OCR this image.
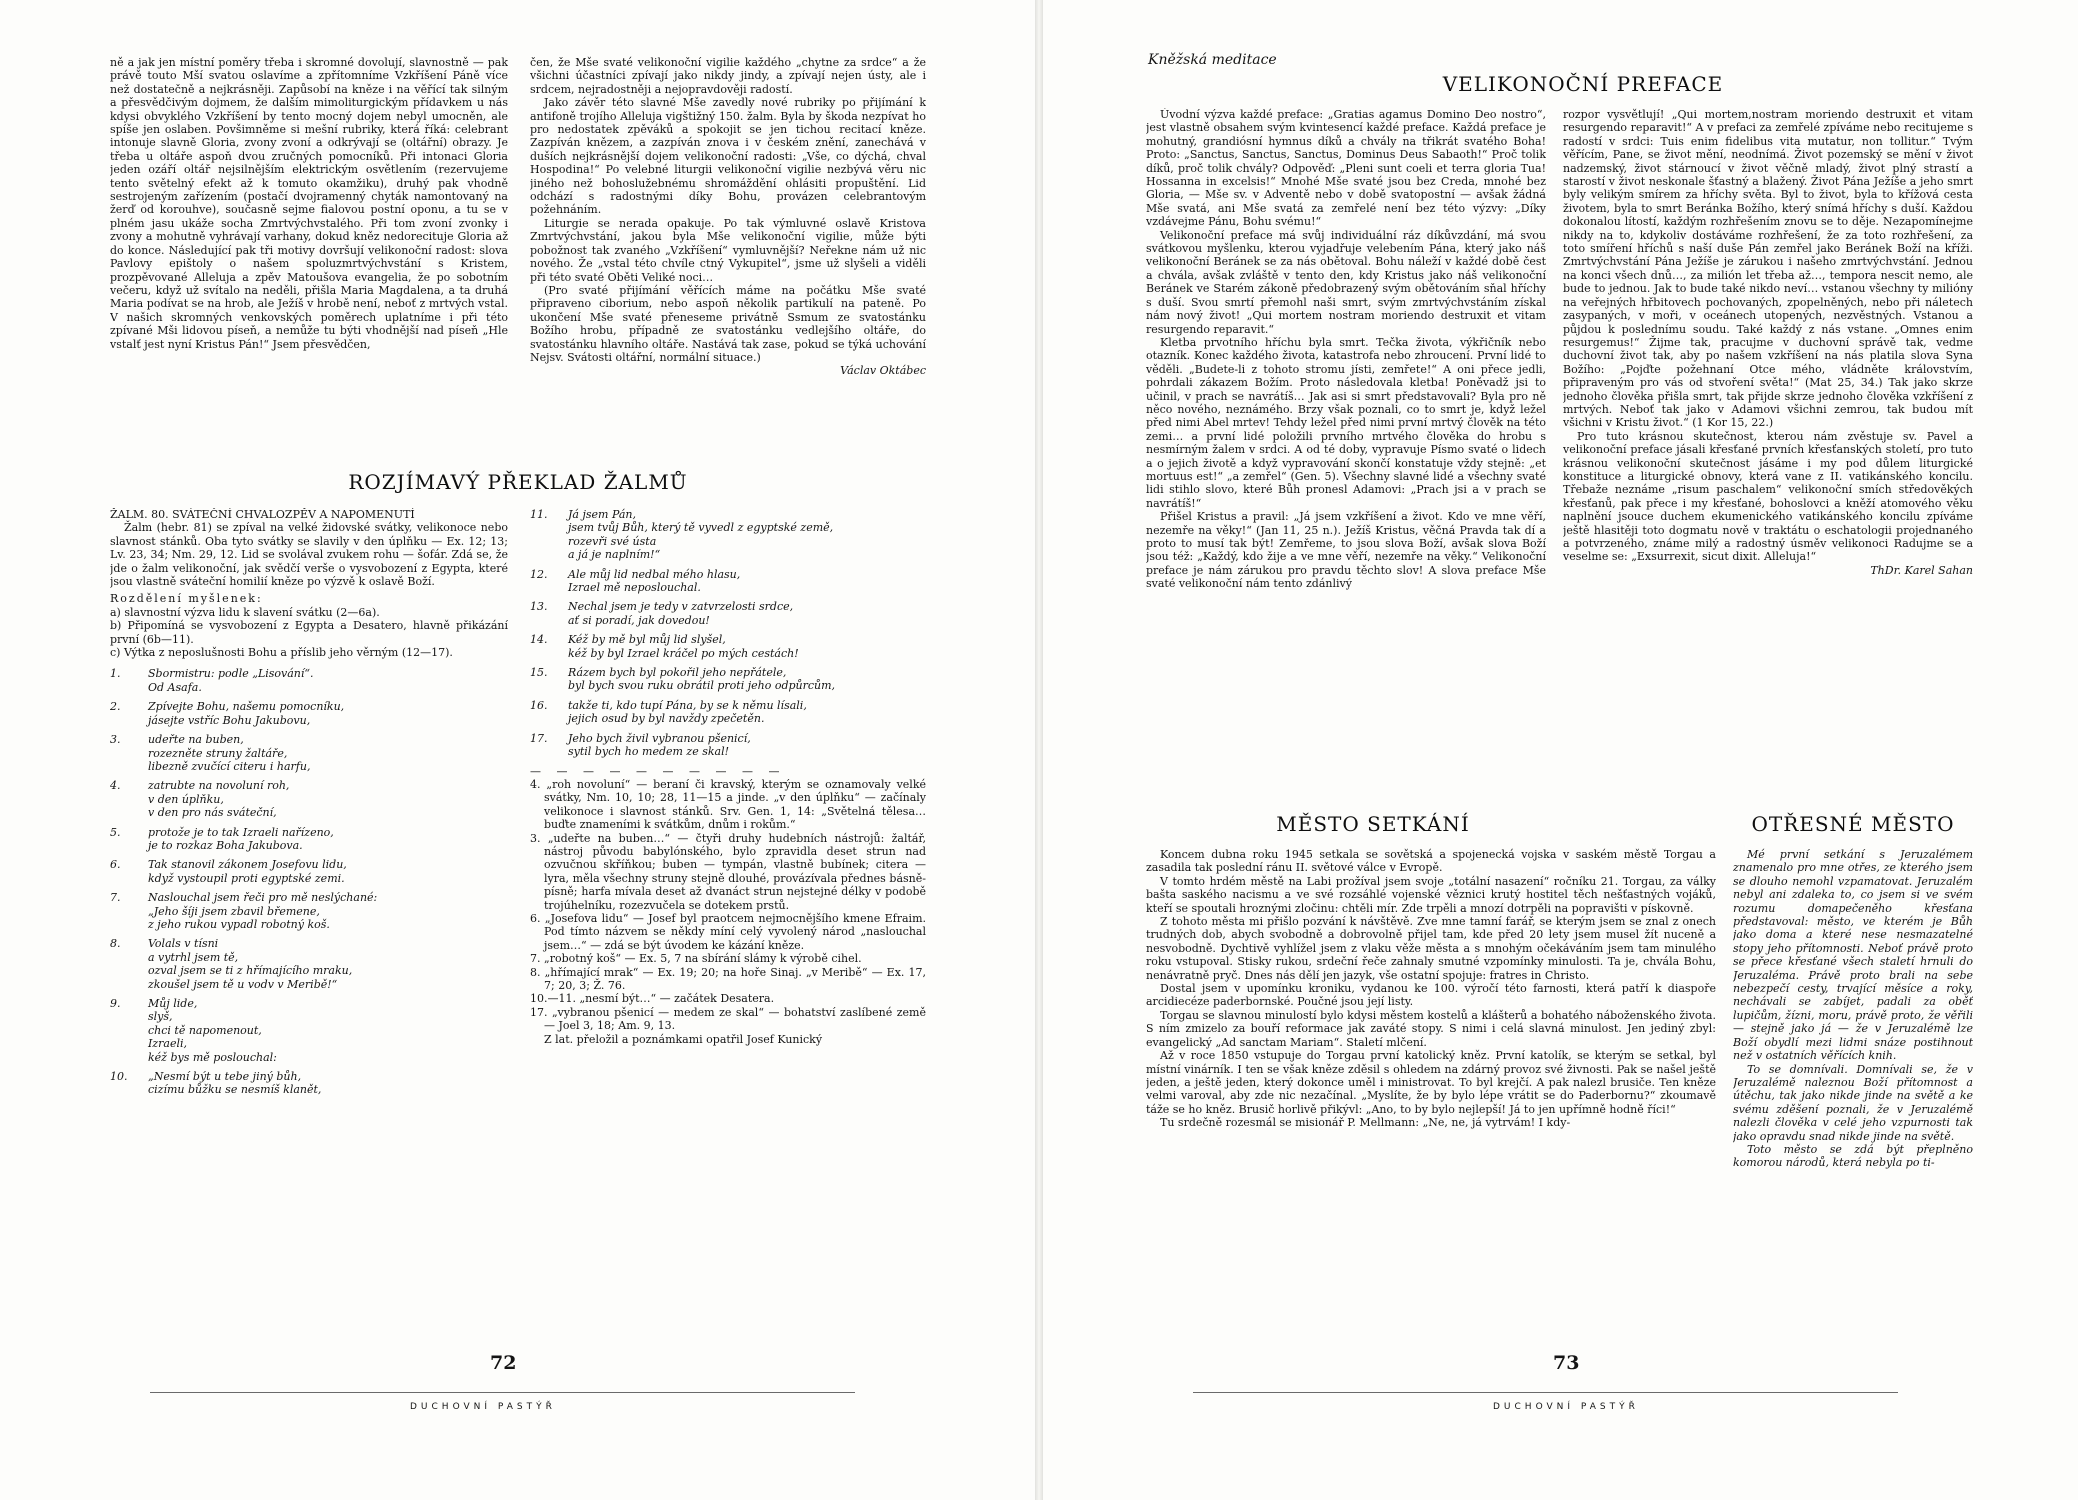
ně a jak jen místní poměry třeba i skromné dovolují, slavnostně — pak právě touto Mší svatou oslavíme a zpřítomníme Vzkříšení Páně více než dostatečně a nejkrásněji. Zapůsobí na kněze i na věřící tak silným a přesvědčivým dojmem, že dalším mimoliturgickým přídavkem u nás kdysi obvyklého Vzkříšení by tento mocný dojem nebyl umocněn, ale spíše jen oslaben. Povšimněme si mešní rubriky, která říká: celebrant intonuje slavně Gloria, zvony zvoní a odkrývají se (oltářní) obrazy. Je třeba u oltáře aspoň dvou zručných pomocníků. Při intonaci Gloria jeden ozáří oltář nejsilnějším elektrickým osvětlením (rezervujeme tento světelný efekt až k tomuto okamžiku), druhý pak vhodně sestrojeným zařízením (postačí dvojramenný chyták namontovaný na žerď od korouhve), současně sejme fialovou postní oponu, a tu se v plném jasu ukáže socha Zmrtvýchvstalého. Při tom zvoní zvonky i zvony a mohutně vyhrávají varhany, dokud kněz nedorecituje Gloria až do konce. Následující pak tři motivy dovršují velikonoční radost: slova Pavlovy epištoly o našem spoluzmrtvýchvstání s Kristem, prozpěvované Alleluja a zpěv Matoušova evangelia, že po sobotním večeru, když už svítalo na neděli, přišla Maria Magdalena, a ta druhá Maria podívat se na hrob, ale Ježíš v hrobě není, neboť z mrtvých vstal. V našich skromných venkovských poměrech uplatníme i při této zpívané Mši lidovou píseň, a nemůže tu býti vhodnější nad píseň „Hle vstalť jest nyní Kristus Pán!“ Jsem přesvědčen,

čen, že Mše svaté velikonoční vigilie každého „chytne za srdce“ a že všichni účastníci zpívají jako nikdy jindy, a zpívají nejen ústy, ale i srdcem, nejradostněji a nejopravdověji radostí.

Jako závěr této slavné Mše zavedly nové rubriky po přijímání k antifoně trojího Alleluja vigštižný 150. žalm. Byla by škoda nezpívat ho pro nedostatek zpěváků a spokojit se jen tichou recitací kněze. Zazpíván knězem, a zazpíván znova i v českém znění, zanechává v duších nejkrásnější dojem velikonoční radosti: „Vše, co dýchá, chval Hospodina!“ Po velebné liturgii velikonoční vigilie nezbývá věru nic jiného než bohoslužebnému shromáždění ohlásiti propuštění. Lid odchází s radostnými díky Bohu, provázen celebrantovým požehnáním.

Liturgie se nerada opakuje. Po tak výmluvné oslavě Kristova Zmrtvýchvstání, jakou byla Mše velikonoční vigilie, může býti pobožnost tak zvaného „Vzkříšení“ vymluvnější? Neřekne nám už nic nového. Že „vstal této chvíle ctný Vykupitel“, jsme už slyšeli a viděli při této svaté Oběti Veliké noci…

(Pro svaté přijímání věřících máme na počátku Mše svaté připraveno ciborium, nebo aspoň několik partikulí na pateně. Po ukončení Mše svaté přeneseme privátně Ssmum ze svatostánku Božího hrobu, případně ze svatostánku vedlejšího oltáře, do svatostánku hlavního oltáře. Nastává tak zase, pokud se týká uchování Nejsv. Svátosti oltářní, normální situace.)

Václav Oktábec

ROZJÍMAVÝ PŘEKLAD ŽALMŮ

ŽALM. 80. SVÁTEČNÍ CHVALOZPĚV A NAPOMENUTÍ

Žalm (hebr. 81) se zpíval na velké židovské svátky, velikonoce nebo slavnost stánků. Oba tyto svátky se slavily v den úplňku — Ex. 12; 13; Lv. 23, 34; Nm. 29, 12. Lid se svolával zvukem rohu — šofár. Zdá se, že jde o žalm velikonoční, jak svědčí verše o vysvobození z Egypta, které jsou vlastně sváteční homilií kněze po výzvě k oslavě Boží.

Rozdělení myšlenek:

a) slavnostní výzva lidu k slavení svátku (2—6a).

b) Připomíná se vysvobození z Egypta a Desatero, hlavně přikázání první (6b—11).

c) Výtka z neposlušnosti Bohu a příslib jeho věrným (12—17).

1.	Sbormistru: podle „Lisování“.
Od Asafa.
2.	Zpívejte Bohu, našemu pomocníku,
jásejte vstříc Bohu Jakubovu,
3.	udeřte na buben,
rozezněte struny žaltáře,
libezně zvučící citeru i harfu,
4.	zatrubte na novoluní roh,
v den úplňku,
v den pro nás sváteční,
5.	protože je to tak Izraeli nařízeno,
je to rozkaz Boha Jakubova.
6.	Tak stanovil zákonem Josefovu lidu,
když vystoupil proti egyptské zemi.
7.	Naslouchal jsem řeči pro mě neslýchané:
„Jeho šíji jsem zbavil břemene,
z jeho rukou vypadl robotný koš.
8.	Volals v tísni
a vytrhl jsem tě,
ozval jsem se ti z hřímajícího mraku,
zkoušel jsem tě u vodv v Meribě!“
9.	Můj lide,
slyš,
chci tě napomenout,
Izraeli,
kéž bys mě poslouchal:
10.	„Nesmí být u tebe jiný bůh,
cizímu bůžku se nesmíš klanět,
11.	Já jsem Pán,
jsem tvůj Bůh, který tě vyvedl z egyptské země,
rozevři své ústa
a já je naplním!“
12.	Ale můj lid nedbal mého hlasu,
Izrael mě neposlouchal.
13.	Nechal jsem je tedy v zatvrzelosti srdce,
ať si poradí, jak dovedou!
14.	Kéž by mě byl můj lid slyšel,
kéž by byl Izrael kráčel po mých cestách!
15.	Rázem bych byl pokořil jeho nepřátele,
byl bych svou ruku obrátil proti jeho odpůrcům,
16.	takže ti, kdo tupí Pána, by se k němu lísali,
jejich osud by byl navždy zpečetěn.
17.	Jeho bych živil vybranou pšenicí,
sytil bych ho medem ze skal!

— — — — — — — — — —

4. „roh novoluní“ — beraní či kravský, kterým se oznamovaly velké svátky, Nm. 10, 10; 28, 11—15 a jinde. „v den úplňku“ — začínaly velikonoce i slavnost stánků. Srv. Gen. 1, 14: „Světelná tělesa… buďte znameními k svátkům, dnům i rokům.“

3. „udeřte na buben…“ — čtyři druhy hudebních nástrojů: žaltář, nástroj původu babylónského, bylo zpravidla deset strun nad ozvučnou skříňkou; buben — tympán, vlastně bubínek; citera — lyra, měla všechny struny stejně dlouhé, provázívala přednes básně-písně; harfa mívala deset až dvanáct strun nejstejné délky v podobě trojúhelníku, rozezvučela se dotekem prstů.

6. „Josefova lidu“ — Josef byl praotcem nejmocnějšího kmene Efraim. Pod tímto názvem se někdy míní celý vyvolený národ „naslouchal jsem…“ — zdá se být úvodem ke kázání kněze.

7. „robotný koš“ — Ex. 5, 7 na sbírání slámy k výrobě cihel.

8. „hřímající mrak“ — Ex. 19; 20; na hoře Sinaj. „v Meribě“ — Ex. 17, 7; 20, 3; Ž. 76.

10.—11. „nesmí být…“ — začátek Desatera.

17. „vybranou pšenicí — medem ze skal“ — bohatství zaslíbené země — Joel 3, 18; Am. 9, 13.

Z lat. přeložil a poznámkami opatřil Josef Kunický

72
DUCHOVNÍ PASTÝŘ
Kněžská meditace
VELIKONOČNÍ PREFACE

Úvodní výzva každé preface: „Gratias agamus Domino Deo nostro“, jest vlastně obsahem svým kvintesencí každé preface. Každá preface je mohutný, grandiósní hymnus díků a chvály na třikrát svatého Boha! Proto: „Sanctus, Sanctus, Sanctus, Dominus Deus Sabaoth!“ Proč tolik díků, proč tolik chvály? Odpověď: „Pleni sunt coeli et terra gloria Tua! Hossanna in excelsis!“ Mnohé Mše svaté jsou bez Creda, mnohé bez Gloria, — Mše sv. v Adventě nebo v době svatopostní — avšak žádná Mše svatá, ani Mše svatá za zemřelé není bez této výzvy: „Díky vzdávejme Pánu, Bohu svému!“

Velikonoční preface má svůj individuální ráz díkůvzdání, má svou svátkovou myšlenku, kterou vyjadřuje velebením Pána, který jako náš velikonoční Beránek se za nás obětoval. Bohu náleží v každé době čest a chvála, avšak zvláště v tento den, kdy Kristus jako náš velikonoční Beránek ve Starém zákoně předobrazený svým obětováním sňal hříchy s duší. Svou smrtí přemohl naši smrt, svým zmrtvýchvstáním získal nám nový život! „Qui mortem nostram moriendo destruxit et vitam resurgendo reparavit.“

Kletba prvotního hříchu byla smrt. Tečka života, výkřičník nebo otazník. Konec každého života, katastrofa nebo zhroucení. První lidé to věděli. „Budete-li z tohoto stromu jísti, zemřete!“ A oni přece jedli, pohrdali zákazem Božím. Proto následovala kletba! Poněvadž jsi to učinil, v prach se navrátíš… Jak asi si smrt představovali? Byla pro ně něco nového, neznámého. Brzy však poznali, co to smrt je, když ležel před nimi Abel mrtev! Tehdy ležel před nimi první mrtvý člověk na této zemi… a první lidé položili prvního mrtvého člověka do hrobu s nesmírným žalem v srdci. A od té doby, vypravuje Písmo svaté o lidech a o jejich životě a když vypravování skončí konstatuje vždy stejně: „et mortuus est!“ „a zemřel“ (Gen. 5). Všechny slavné lidé a všechny svaté lidi stihlo slovo, které Bůh pronesl Adamovi: „Prach jsi a v prach se navrátíš!“

Přišel Kristus a pravil: „Já jsem vzkříšení a život. Kdo ve mne věří, nezemře na věky!“ (Jan 11, 25 n.). Ježíš Kristus, věčná Pravda tak dí a proto to musí tak být! Zemřeme, to jsou slova Boží, avšak slova Boží jsou též: „Každý, kdo žije a ve mne věří, nezemře na věky.“ Velikonoční preface je nám zárukou pro pravdu těchto slov! A slova preface Mše svaté velikonoční nám tento zdánlivý

rozpor vysvětlují! „Qui mortem,nostram moriendo destruxit et vitam resurgendo reparavit!“ A v prefaci za zemřelé zpíváme nebo recitujeme s radostí v srdci: Tuis enim fidelibus vita mutatur, non tollitur.“ Tvým věřícím, Pane, se život mění, neodnímá. Život pozemský se mění v život nadzemský, život stárnoucí v život věčně mladý, život plný strastí a starostí v život neskonale šťastný a blažený. Život Pána Ježíše a jeho smrt byly velikým smírem za hříchy světa. Byl to život, byla to křížová cesta životem, byla to smrt Beránka Božího, který snímá hříchy s duší. Každou dokonalou lítostí, každým rozhřešením znovu se to děje. Nezapomínejme nikdy na to, kdykoliv dostáváme rozhřešení, že za toto rozhřešení, za toto smíření hříchů s naší duše Pán zemřel jako Beránek Boží na kříži. Zmrtvýchvstání Pána Ježíše je zárukou i našeho zmrtvýchvstání. Jednou na konci všech dnů…, za milión let třeba až…, tempora nescit nemo, ale bude to jednou. Jak to bude také nikdo neví… vstanou všechny ty milióny na veřejných hřbitovech pochovaných, zpopelněných, nebo při náletech zasypaných, v moři, v oceánech utopených, nezvěstných. Vstanou a půjdou k poslednímu soudu. Také každý z nás vstane. „Omnes enim resurgemus!“ Žijme tak, pracujme v duchovní správě tak, vedme duchovní život tak, aby po našem vzkříšení na nás platila slova Syna Božího: „Pojďte požehnaní Otce mého, vládněte královstvím, připraveným pro vás od stvoření světa!“ (Mat 25, 34.) Tak jako skrze jednoho člověka přišla smrt, tak přijde skrze jednoho člověka vzkříšení z mrtvých. Neboť tak jako v Adamovi všichni zemrou, tak budou mít všichni v Kristu život.“ (1 Kor 15, 22.)

Pro tuto krásnou skutečnost, kterou nám zvěstuje sv. Pavel a velikonoční preface jásali křesťané prvních křesťanských století, pro tuto krásnou velikonoční skutečnost jásáme i my pod důlem liturgické konstituce a liturgické obnovy, která vane z II. vatikánského koncilu. Třebaže neznáme „risum paschalem“ velikonoční smích středověkých křesťanů, pak přece i my křesťané, bohoslovci a kněží atomového věku naplnění jsouce duchem ekumenického vatikánského koncilu zpíváme ještě hlasitěji toto dogmatu nově v traktátu o eschatologii projednaného a potvrzeného, známe milý a radostný úsměv velikonoci Radujme se a veselme se: „Exsurrexit, sicut dixit. Alleluja!“

ThDr. Karel Sahan

MĚSTO SETKÁNÍ

Koncem dubna roku 1945 setkala se sovětská a spojenecká vojska v saském městě Torgau a zasadila tak poslední ránu II. světové válce v Evropě.

V tomto hrdém městě na Labi prožíval jsem svoje „totální nasazení“ ročníku 21. Torgau, za války bašta saského nacismu a ve své rozsáhlé vojenské věznici krutý hostitel těch nešťastných vojáků, kteří se spoutali hroznými zločinu: chtěli mír. Zde trpěli a mnozí dotrpěli na popravišti v pískovně.

Z tohoto města mi přišlo pozvání k návštěvě. Zve mne tamní farář, se kterým jsem se znal z onech trudných dob, abych svobodně a dobrovolně přijel tam, kde před 20 lety jsem musel žít nuceně a nesvobodně. Dychtivě vyhlížel jsem z vlaku věže města a s mnohým očekáváním jsem tam minulého roku vstupoval. Stisky rukou, srdeční řeče zahnaly smutné vzpomínky minulosti. Ta je, chvála Bohu, nenávratně pryč. Dnes nás dělí jen jazyk, vše ostatní spojuje: fratres in Christo.

Dostal jsem v upomínku kroniku, vydanou ke 100. výročí této farnosti, která patří k diaspoře arcidiecéze paderbornské. Poučné jsou její listy.

Torgau se slavnou minulostí bylo kdysi městem kostelů a klášterů a bohatého náboženského života. S ním zmizelo za bouří reformace jak zaváté stopy. S nimi i celá slavná minulost. Jen jediný zbyl: evangelický „Ad sanctam Mariam“. Staletí mlčení.

Až v roce 1850 vstupuje do Torgau první katolický kněz. První katolík, se kterým se setkal, byl místní vinárník. I ten se však kněze zděsil s ohledem na zdárný provoz své živnosti. Pak se našel ještě jeden, a ještě jeden, který dokonce uměl i ministrovat. To byl krejčí. A pak nalezl brusiče. Ten kněze velmi varoval, aby zde nic nezačínal. „Myslíte, že by bylo lépe vrátit se do Paderbornu?“ zkoumavě táže se ho kněz. Brusič horlivě přikývl: „Ano, to by bylo nejlepší! Já to jen upřímně hodně říci!“

Tu srdečně rozesmál se misionář P. Mellmann: „Ne, ne, já vytrvám! I kdy-

OTŘESNÉ MĚSTO

Mé první setkání s Jeruzalémem znamenalo pro mne otřes, ze kterého jsem se dlouho nemohl vzpamatovat. Jeruzalém nebyl ani zdaleka to, co jsem si ve svém rozumu domapečeněho křesťana představoval: město, ve kterém je Bůh jako doma a které nese nesmazatelné stopy jeho přítomnosti. Neboť právě proto se přece křesťané všech staletí hrnuli do Jeruzaléma. Právě proto brali na sebe nebezpečí cesty, trvající měsíce a roky, nechávali se zabíjet, padali za oběť lupičům, žízni, moru, právě proto, že věřili — stejně jako já — že v Jeruzalémě lze Boží obydlí mezi lidmi snáze postihnout než v ostatních věřících knih.

To se domnívali. Domnívali se, že v Jeruzalémě naleznou Boží přítomnost a útěchu, tak jako nikde jinde na světě a ke svému zděšení poznali, že v Jeruzalémě nalezli člověka v celé jeho vzpurnosti tak jako opravdu snad nikde jinde na světě.

Toto město se zdá být přeplněno komorou národů, která nebyla po ti-

73
DUCHOVNÍ PASTÝŘ
